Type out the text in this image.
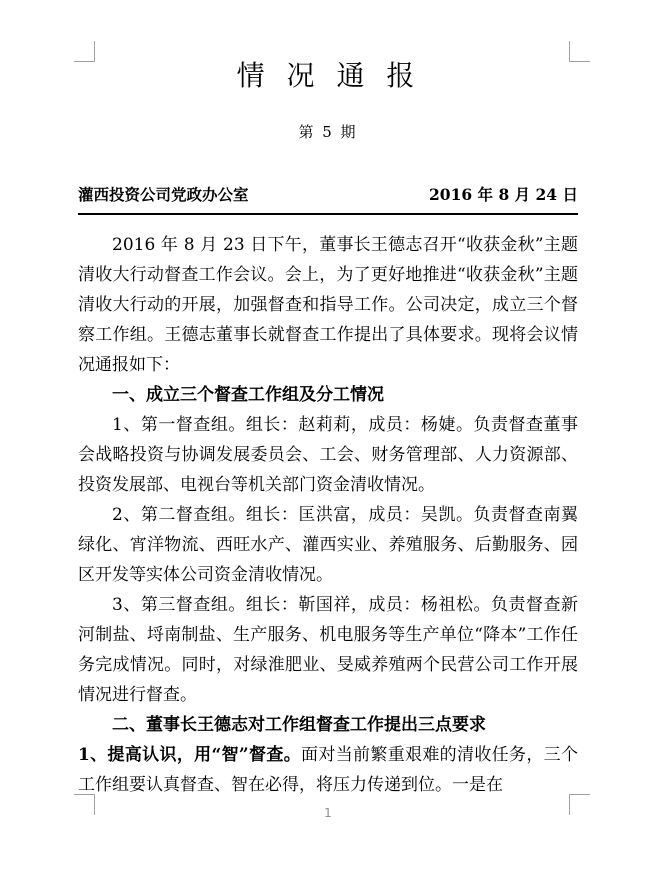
情 况 通 报
第 5 期
灌西投资公司党政办公室	2016 年 8 月 24 日

2016 年 8 月 23 日下午，董事长王德志召开“收获金秋”主题清收大行动督查工作会议。会上，为了更好地推进“收获金秋”主题清收大行动的开展，加强督查和指导工作。公司决定，成立三个督察工作组。王德志董事长就督查工作提出了具体要求。现将会议情况通报如下：

一、成立三个督查工作组及分工情况

1、第一督查组。组长：赵莉莉，成员：杨婕。负责督查董事会战略投资与协调发展委员会、工会、财务管理部、人力资源部、投资发展部、电视台等机关部门资金清收情况。

2、第二督查组。组长：匡洪富，成员：吴凯。负责督查南翼绿化、宵洋物流、西旺水产、灌西实业、养殖服务、后勤服务、园区开发等实体公司资金清收情况。

3、第三督查组。组长：靳国祥，成员：杨祖松。负责督查新河制盐、埒南制盐、生产服务、机电服务等生产单位“降本”工作任务完成情况。同时，对绿淮肥业、旻威养殖两个民营公司工作开展情况进行督查。

二、董事长王德志对工作组督查工作提出三点要求

1、提高认识，用“智”督查。面对当前繁重艰难的清收任务，三个工作组要认真督查、智在必得，将压力传递到位。一是在

1
